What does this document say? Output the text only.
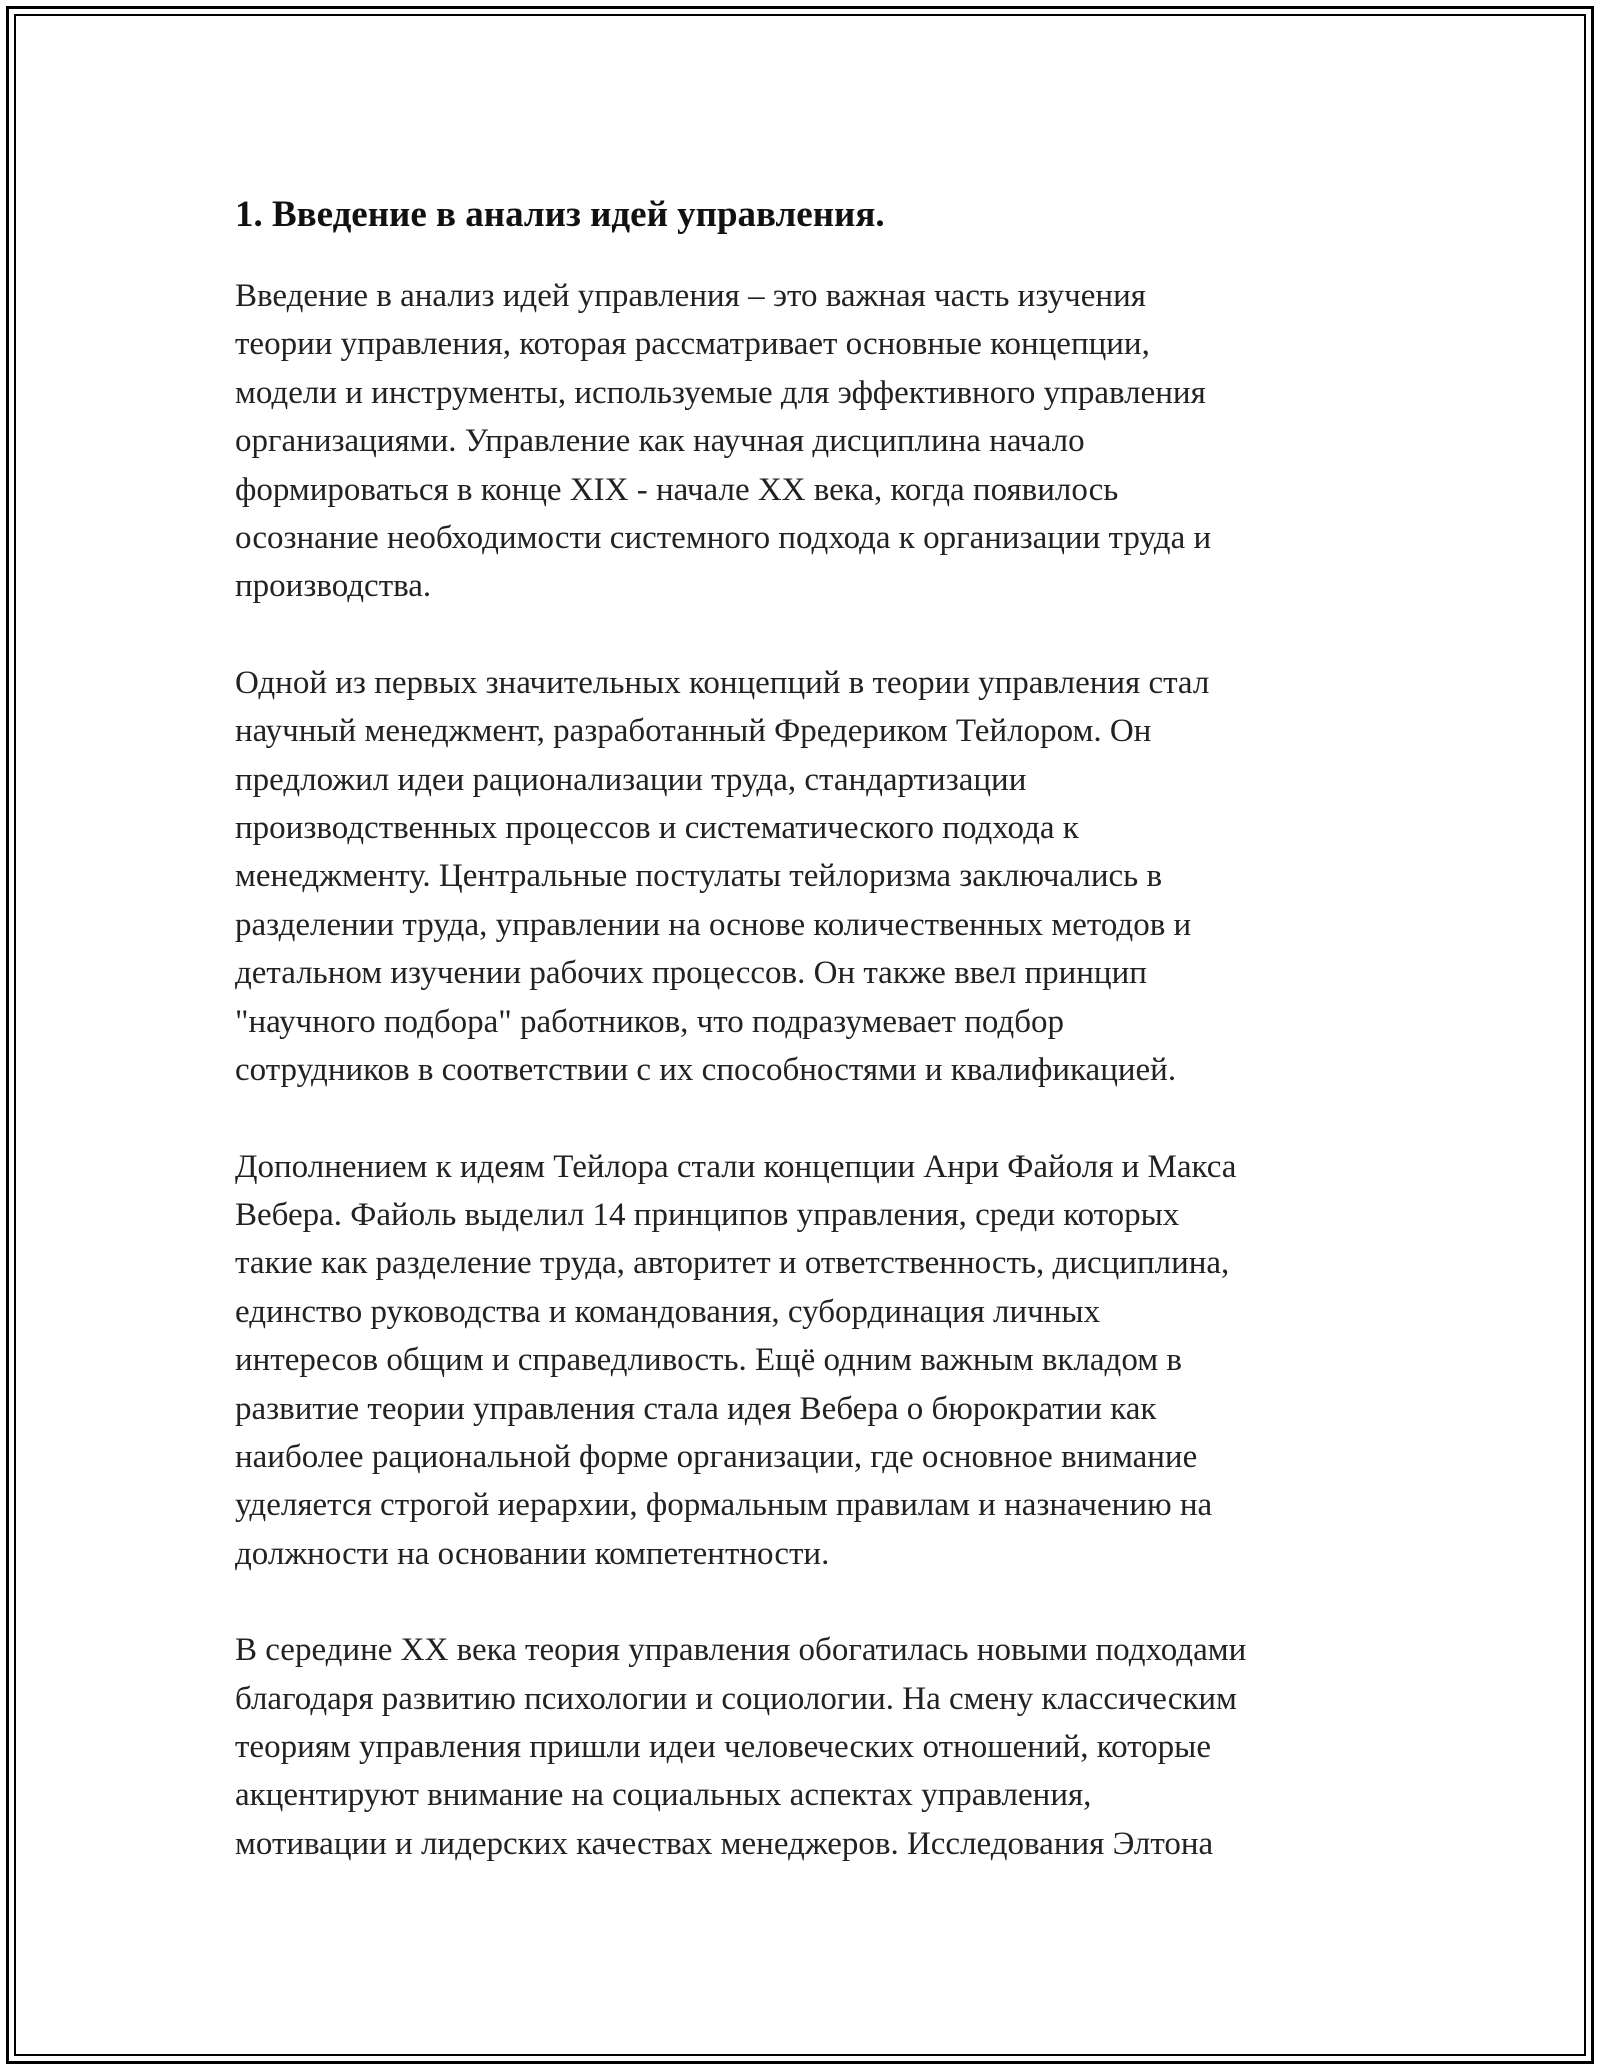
1. Введение в анализ идей управления.

Введение в анализ идей управления – это важная часть изучения
теории управления, которая рассматривает основные концепции,
модели и инструменты, используемые для эффективного управления
организациями. Управление как научная дисциплина начало
формироваться в конце XIX - начале XX века, когда появилось
осознание необходимости системного подхода к организации труда и
производства.

Одной из первых значительных концепций в теории управления стал
научный менеджмент, разработанный Фредериком Тейлором. Он
предложил идеи рационализации труда, стандартизации
производственных процессов и систематического подхода к
менеджменту. Центральные постулаты тейлоризма заключались в
разделении труда, управлении на основе количественных методов и
детальном изучении рабочих процессов. Он также ввел принцип
"научного подбора" работников, что подразумевает подбор
сотрудников в соответствии с их способностями и квалификацией.

Дополнением к идеям Тейлора стали концепции Анри Файоля и Макса
Вебера. Файоль выделил 14 принципов управления, среди которых
такие как разделение труда, авторитет и ответственность, дисциплина,
единство руководства и командования, субординация личных
интересов общим и справедливость. Ещё одним важным вкладом в
развитие теории управления стала идея Вебера о бюрократии как
наиболее рациональной форме организации, где основное внимание
уделяется строгой иерархии, формальным правилам и назначению на
должности на основании компетентности.

В середине XX века теория управления обогатилась новыми подходами
благодаря развитию психологии и социологии. На смену классическим
теориям управления пришли идеи человеческих отношений, которые
акцентируют внимание на социальных аспектах управления,
мотивации и лидерских качествах менеджеров. Исследования Элтона
